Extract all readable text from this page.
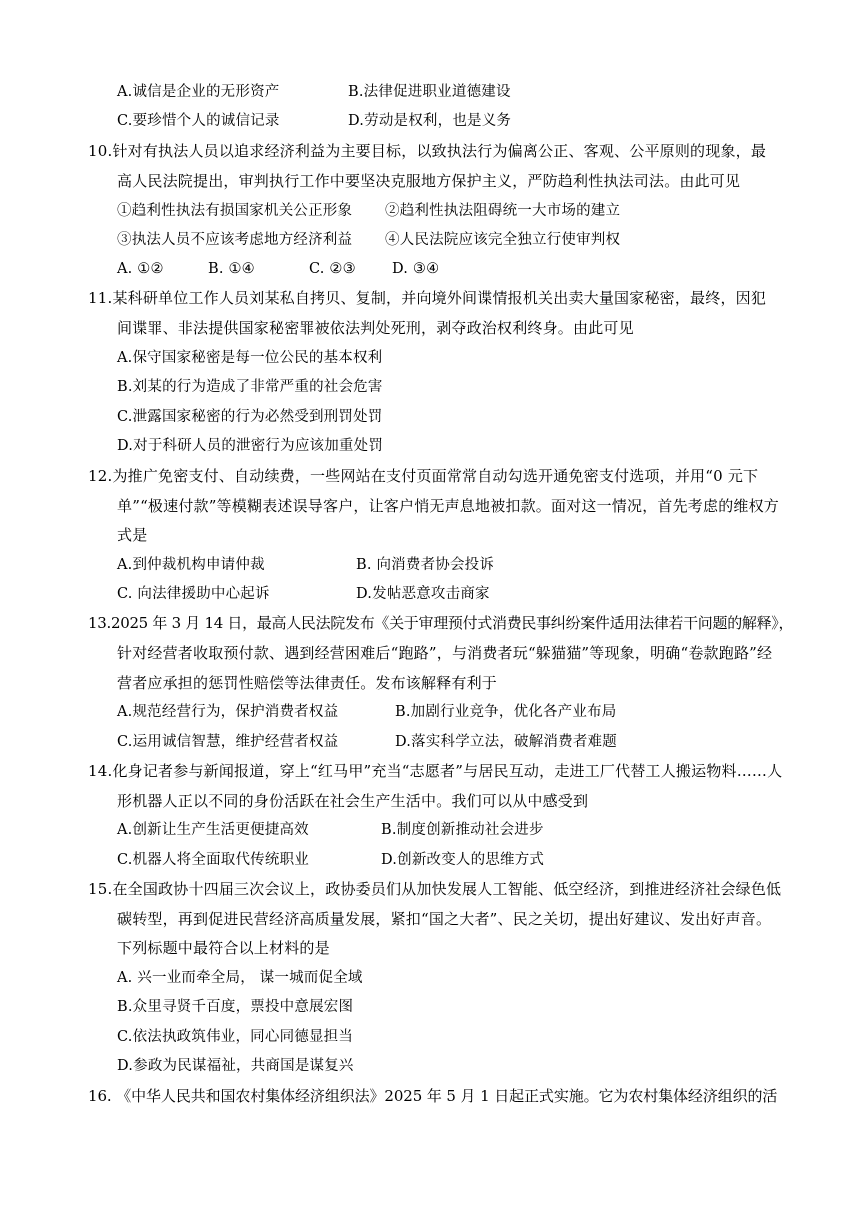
A.诚信是企业的无形资产	B.法律促进职业道德建设
C.要珍惜个人的诚信记录	D.劳动是权利，也是义务
10.针对有执法人员以追求经济利益为主要目标，以致执法行为偏离公正、客观、公平原则的现象，最
高人民法院提出，审判执行工作中要坚决克服地方保护主义，严防趋利性执法司法。由此可见
①趋利性执法有损国家机关公正形象 ②趋利性执法阻碍统一大市场的建立
③执法人员不应该考虑地方经济利益 ④人民法院应该完全独立行使审判权
A. ①②	B. ①④	C. ②③ D. ③④
11.某科研单位工作人员刘某私自拷贝、复制，并向境外间谍情报机关出卖大量国家秘密，最终，因犯
间谍罪、非法提供国家秘密罪被依法判处死刑，剥夺政治权利终身。由此可见
A.保守国家秘密是每一位公民的基本权利
B.刘某的行为造成了非常严重的社会危害
C.泄露国家秘密的行为必然受到刑罚处罚
D.对于科研人员的泄密行为应该加重处罚
12.为推广免密支付、自动续费，一些网站在支付页面常常自动勾选开通免密支付选项，并用“0 元下
单”“极速付款”等模糊表述误导客户，让客户悄无声息地被扣款。面对这一情况，首先考虑的维权方
式是
A.到仲裁机构申请仲裁	B. 向消费者协会投诉
C. 向法律援助中心起诉	D.发帖恶意攻击商家
13.2025 年 3 月 14 日，最高人民法院发布《关于审理预付式消费民事纠纷案件适用法律若干问题的解释》，
针对经营者收取预付款、遇到经营困难后“跑路”，与消费者玩“躲猫猫”等现象，明确“卷款跑路”经
营者应承担的惩罚性赔偿等法律责任。发布该解释有利于
A.规范经营行为，保护消费者权益	B.加剧行业竞争，优化各产业布局
C.运用诚信智慧，维护经营者权益	D.落实科学立法，破解消费者难题
14.化身记者参与新闻报道，穿上“红马甲”充当“志愿者”与居民互动，走进工厂代替工人搬运物料……人
形机器人正以不同的身份活跃在社会生产生活中。我们可以从中感受到
A.创新让生产生活更便捷高效	B.制度创新推动社会进步
C.机器人将全面取代传统职业	D.创新改变人的思维方式
15.在全国政协十四届三次会议上，政协委员们从加快发展人工智能、低空经济，到推进经济社会绿色低
碳转型，再到促进民营经济高质量发展，紧扣“国之大者”、民之关切，提出好建议、发出好声音。
下列标题中最符合以上材料的是
A. 兴一业而牵全局， 谋一城而促全域
B.众里寻贤千百度，票投中意展宏图
C.依法执政筑伟业，同心同德显担当
D.参政为民谋福祉，共商国是谋复兴
16. 《中华人民共和国农村集体经济组织法》2025 年 5 月 1 日起正式实施。它为农村集体经济组织的活
